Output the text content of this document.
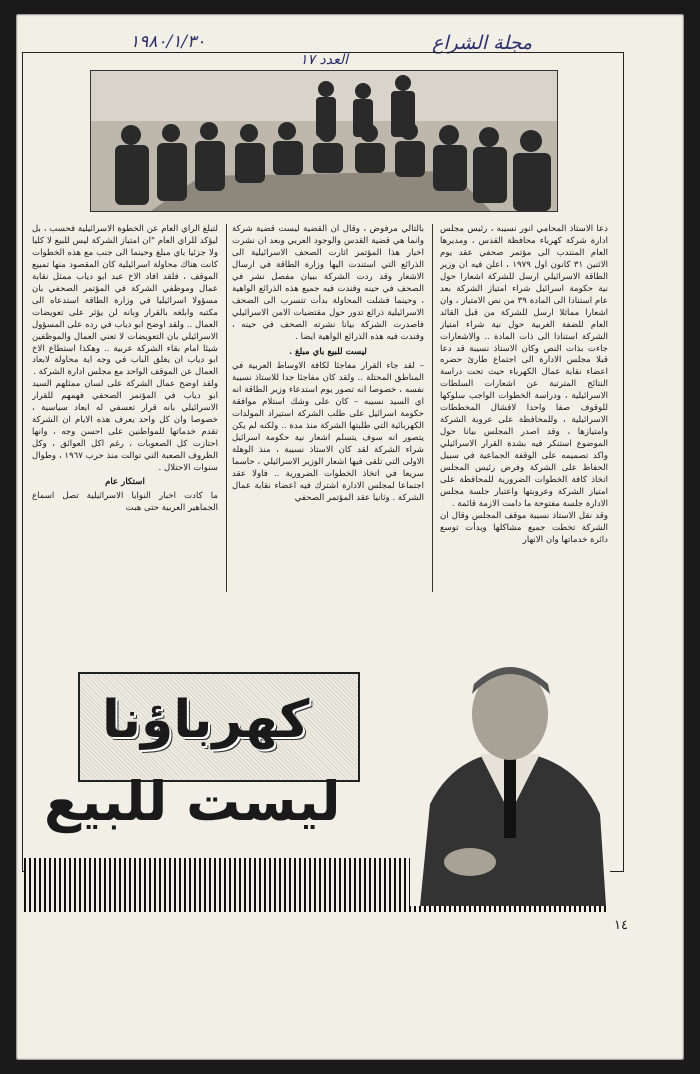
١٩٨٠/١/٣٠	مجلة الشراع
العدد ١٧

دعا الاستاذ المحامي انور نسيبه ، رئيس مجلس ادارة شركة كهرباء محافظة القدس ، ومديرها العام المنتدب الى مؤتمر صحفي عقد يوم الاثنين ٣١ كانون اول ١٩٧٩ ، اعلن فيه ان وزير الطاقة الاسرائيلي ارسل للشركة اشعارا حول نية حكومة اسرائيل شراء امتياز الشركة بعد عام استنادا الى المادة ٣٩ من نص الامتياز ، وان اشعارا مماثلا ارسل للشركة من قبل القائد العام للضفة الغربية حول نية شراء امتياز الشركة استنادا الى ذات المادة .. والاشعارات جاءت بذات النص وكان الاستاذ نسيبة قد دعا قبلا مجلس الادارة الى اجتماع طارئ حضره اعضاء نقابة عمال الكهرباء حيث تحت دراسة النتائج المترتبة عن اشعارات السلطات الاسرائيلية ، ودراسة الخطوات الواجب سلوكها للوقوف صفا واحدا لافشال المخططات الاسرائيلية ، وللمحافظة على عروبة الشركة وامتيازها ، وقد اصدر المجلس بيانا حول الموضوع استنكر فيه بشدة القرار الاسرائيلي واكد تصميمه على الوقفة الجماعية في سبيل الحفاظ على الشركة وفرض رئيس المجلس اتخاذ كافة الخطوات الضرورية للمحافظة على امتياز الشركة وعروبتها واعتبار جلسة مجلس الادارة جلسة مفتوحة ما دامت الازمة قائمة .

وقد نقل الاستاذ نسيبة موقف المجلس وقال ان الشركة تخطت جميع مشاكلها وبدأت توسع دائرة خدماتها وان الانهار

بالتالي مرفوض ، وقال ان القضية ليست قضية شركة وانما هي قضية القدس والوجود العربي وبعد ان نشرت اخبار هذا المؤتمر اثارت الصحف الاسرائيلية الى الذرائع التي استندت اليها وزارة الطاقة في ارسال الاشعار وقد ردت الشركة ببيان مفصل نشر في الصحف في حينه وفندت فيه جميع هذه الذرائع الواهية ، وحينما فشلت المحاولة بدأت تتسرب الى الصحف الاسرائيلية ذرائع تدور حول مقتضيات الامن الاسرائيلي فاصدرت الشركة بيانا نشرته الصحف في حينه ، وفندت فيه هذه الذرائع الواهية ايضا .

ليست للبيع باي مبلغ .

– لقد جاء القرار مفاجئا لكافة الاوساط العربية في المناطق المحتلة .. ولقد كان مفاجئا جدا للاستاذ نسيبة نفسه ، خصوصا انه تصور يوم استدعاء وزير الطاقة انه اي السيد نسيبه – كان على وشك استلام موافقة حكومة اسرائيل على طلب الشركة استيراد المولدات الكهربائية التي طلبتها الشركة منذ مدة .. ولكنه لم يكن يتصور انه سوف يتسلم اشعار نية حكومة اسرائيل شراء الشركة لقد كان الاستاذ نسيبة ، منذ الوهلة الاولى التي تلقى فيها اشعار الوزير الاسرائيلي ، حاسما سريعا في اتخاذ الخطوات الضرورية .. فاولا عقد اجتماعا لمجلس الادارة اشترك فيه اعضاء نقابة عمال الشركة . وثانيا عقد المؤتمر الصحفي

لتبلغ الراي العام عن الخطوة الاسرائيلية فحسب ، بل ليؤكد للراي العام "ان امتياز الشركة ليس للبيع لا كليا ولا جزئيا باي مبلغ وحينما الى جنب مع هذه الخطوات كانت هناك محاولة اسرائيلية كان المقصود منها تمييع الموقف ، فلقد افاد الاخ عبد ابو دياب ممثل نقابة عمال وموظفي الشركة في المؤتمر الصحفي بان مسؤولا اسرائيليا في وزارة الطاقة استدعاه الى مكتبه وابلغه بالقرار وبانه لن يؤثر على تعويضات العمال .. ولقد اوضح ابو دياب في رده على المسؤول الاسرائيلي بان التعويضات لا تعني العمال والموظفين شيئا امام بقاء الشركة عربية .. وهكذا استطاع الاخ ابو دياب ان يغلق الباب في وجه اية محاولة لابعاد العمال عن الموقف الواحد مع مجلس ادارة الشركة .

ولقد اوضح عمال الشركة على لسان ممثلهم السيد ابو دياب في المؤتمر الصحفي فهمهم للقرار الاسرائيلي بانه قرار تعسفي له ابعاد سياسية ، خصوصا وان كل واحد يعرف هذه الايام ان الشركة تقدم خدماتها للمواطنين على احسن وجه ، وانها احتازت كل الصعوبات ، رغم اكل العوائق ، وكل الظروف الصعبة التي توالت منذ حرب ١٩٦٧ ، وطوال سنوات الاحتلال .

استكار عام

ما كادت اخبار النوايا الاسرائيلية تصل اسماع الجماهير العربية حتى هبت

كهرباؤنا
ليست للبيع
١٤
